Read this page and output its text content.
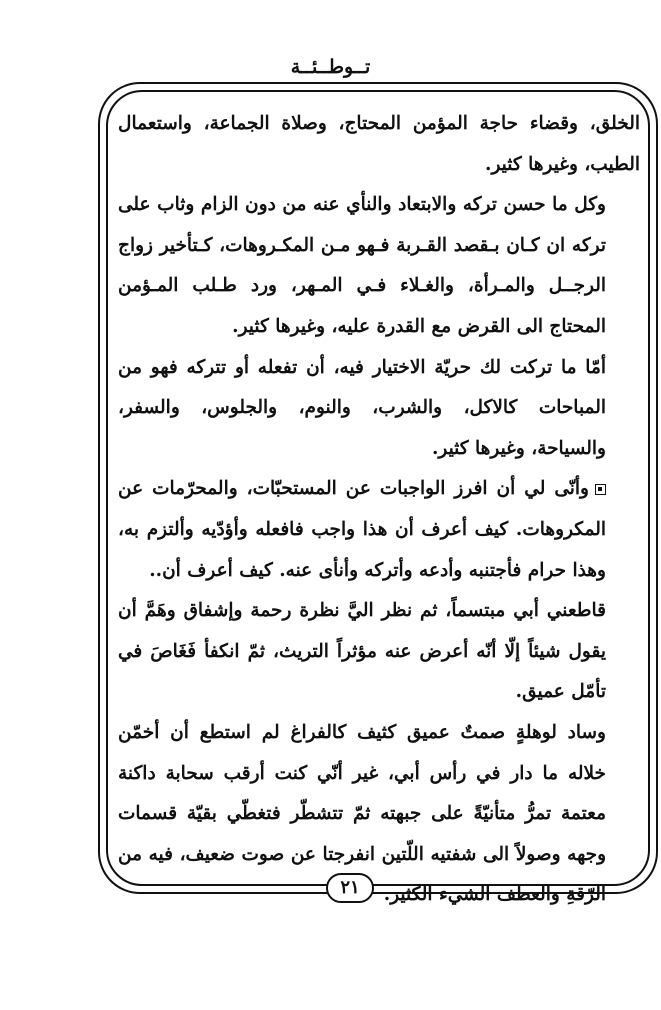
تــوطــئــة

الخلق، وقضاء حاجة المؤمن المحتاج، وصلاة الجماعة، واستعمال الطيب، وغيرها كثير.

وكل ما حسن تركه والابتعاد والنأي عنه من دون الزام وثاب على تركه ان كـان بـقصد القـربة فـهو مـن المكـروهات، كـتأخير زواج الرجــل والمـرأة، والغـلاء فـي المـهر، ورد طـلب المـؤمن المحتاج الى القرض مع القدرة عليه، وغيرها كثير.

أمّا ما تركت لك حريّة الاختيار فيه، أن تفعله أو تتركه فهو من المباحات كالاكل، والشرب، والنوم، والجلوس، والسفر، والسياحة، وغيرها كثير.

وأنّى لي أن افرز الواجبات عن المستحبّات، والمحرّمات عن المكروهات. كيف أعرف أن هذا واجب فافعله وأؤدّيه وألتزم به، وهذا حرام فأجتنبه وأدعه وأتركه وأنأى عنه. كيف أعرف أن..

قاطعني أبي مبتسماً، ثم نظر اليَّ نظرة رحمة وإشفاق وهَمَّ أن يقول شيئاً إلّا أنّه أعرض عنه مؤثراً التريث، ثمّ انكفأ فَغَاصَ في تأمّل عميق.

وساد لوهلةٍ صمتٌ عميق كثيف كالفراغ لم استطع أن أخمّن خلاله ما دار في رأس أبي، غير أنّي كنت أرقب سحابة داكنة معتمة تمرُّ متأنيّةً على جبهته ثمّ تتشطّر فتغطّي بقيّة قسمات وجهه وصولاً الى شفتيه اللّتين انفرجتا عن صوت ضعيف، فيه من الرّقةِ والعطف الشيء الكثير.

٢١
